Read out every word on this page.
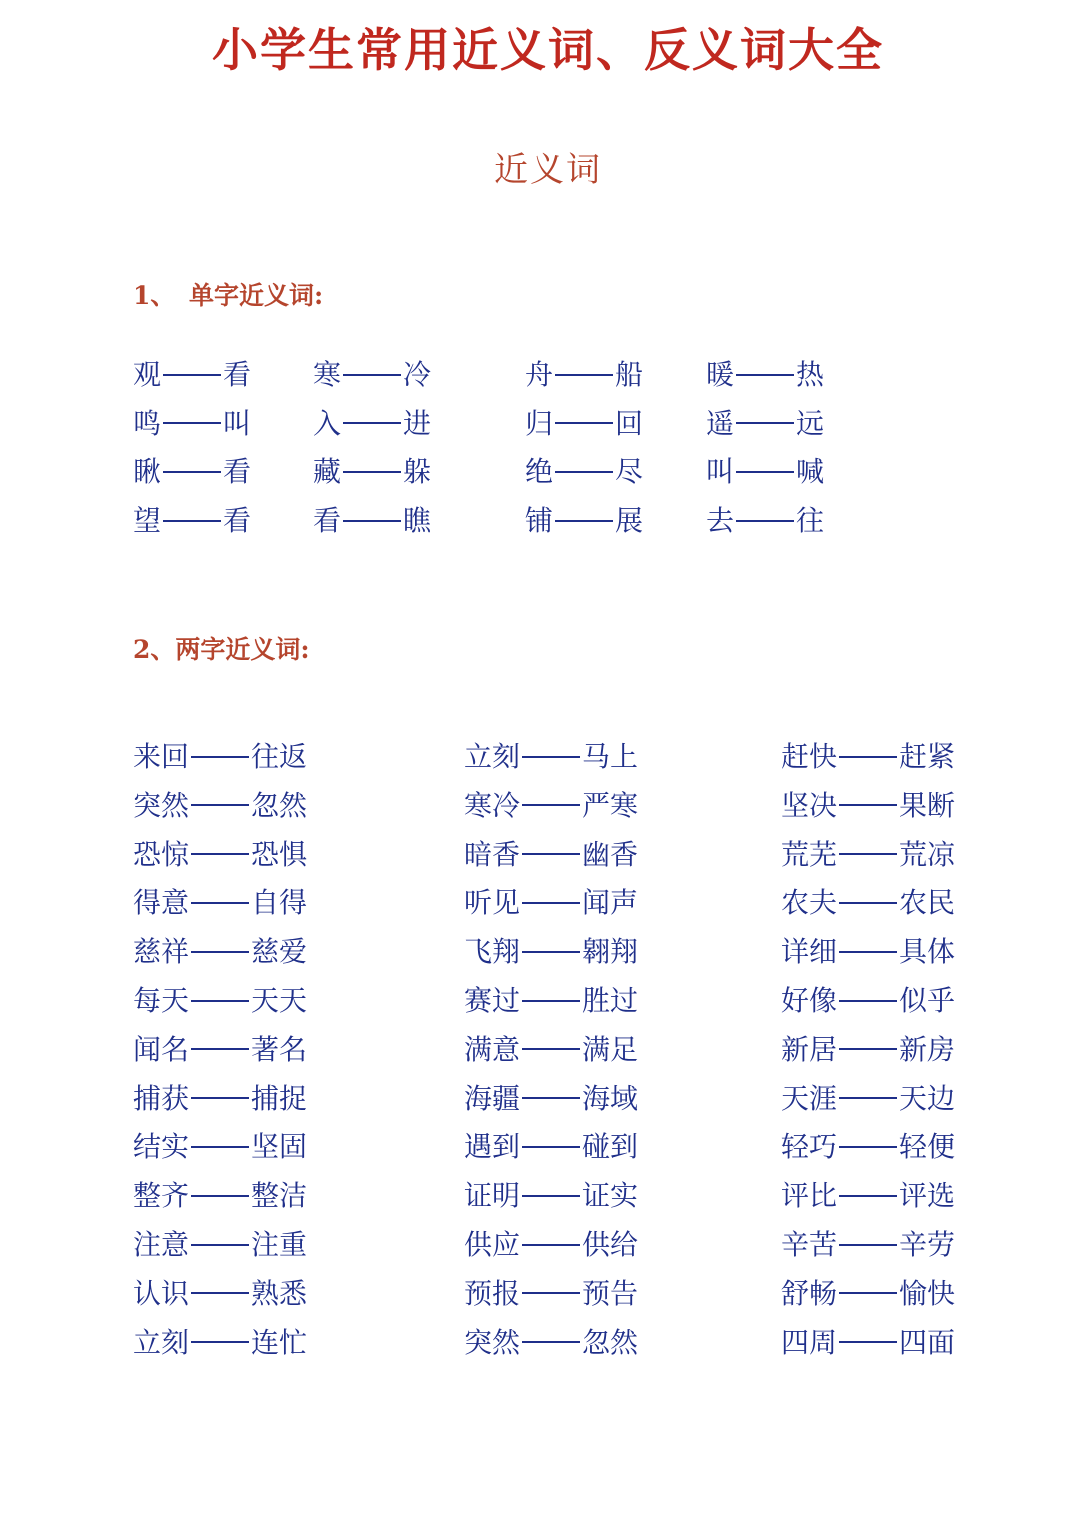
小学生常用近义词、反义词大全
近义词
1、 单字近义词:
观 看
鸣 叫
瞅 看
望 看
寒 冷
入 进
藏 躲
看 瞧
舟 船
归 回
绝 尽
铺 展
暖 热
遥 远
叫 喊
去 往
2、两字近义词:
来回 往返
突然 忽然
恐惊 恐惧
得意 自得
慈祥 慈爱
每天 天天
闻名 著名
捕获 捕捉
结实 坚固
整齐 整洁
注意 注重
认识 熟悉
立刻 连忙
立刻 马上
寒冷 严寒
暗香 幽香
听见 闻声
飞翔 翱翔
赛过 胜过
满意 满足
海疆 海域
遇到 碰到
证明 证实
供应 供给
预报 预告
突然 忽然
赶快 赶紧
坚决 果断
荒芜 荒凉
农夫 农民
详细 具体
好像 似乎
新居 新房
天涯 天边
轻巧 轻便
评比 评选
辛苦 辛劳
舒畅 愉快
四周 四面
